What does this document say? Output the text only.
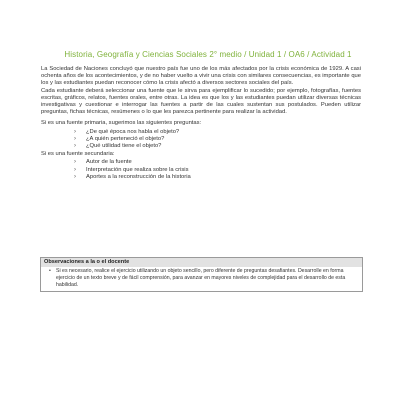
Historia, Geografía y Ciencias Sociales 2° medio / Unidad 1 / OA6 / Actividad 1

La Sociedad de Naciones concluyó que nuestro país fue uno de los más afectados por la crisis económica de 1929. A casi ochenta años de los acontecimientos, y de no haber vuelto a vivir una crisis con similares consecuencias, es importante que los y las estudiantes puedan reconocer cómo la crisis afectó a diversos sectores sociales del país.

Cada estudiante deberá seleccionar una fuente que le sirva para ejemplificar lo sucedido; por ejemplo, fotografías, fuentes escritas, gráficos, relatos, fuentes orales, entre otras. La idea es que los y las estudiantes puedan utilizar diversas técnicas investigativas y cuestionar e interrogar las fuentes a partir de las cuales sustentan sus postulados. Pueden utilizar preguntas, fichas técnicas, resúmenes o lo que les parezca pertinente para realizar la actividad.

Si es una fuente primaria, sugerimos las siguientes preguntas:

› ¿De qué época nos habla el objeto?
› ¿A quién perteneció el objeto?
› ¿Qué utilidad tiene el objeto?

Si es una fuente secundaria:

› Autor de la fuente
› Interpretación que realiza sobre la crisis
› Aportes a la reconstrucción de la historia
Observaciones a la o el docente
• Si es necesario, realice el ejercicio utilizando un objeto sencillo, pero diferente de preguntas desafiantes. Desarrolle en forma ejercicio de un texto breve y de fácil comprensión, para avanzar en mayores niveles de complejidad para el desarrollo de esta habilidad.
